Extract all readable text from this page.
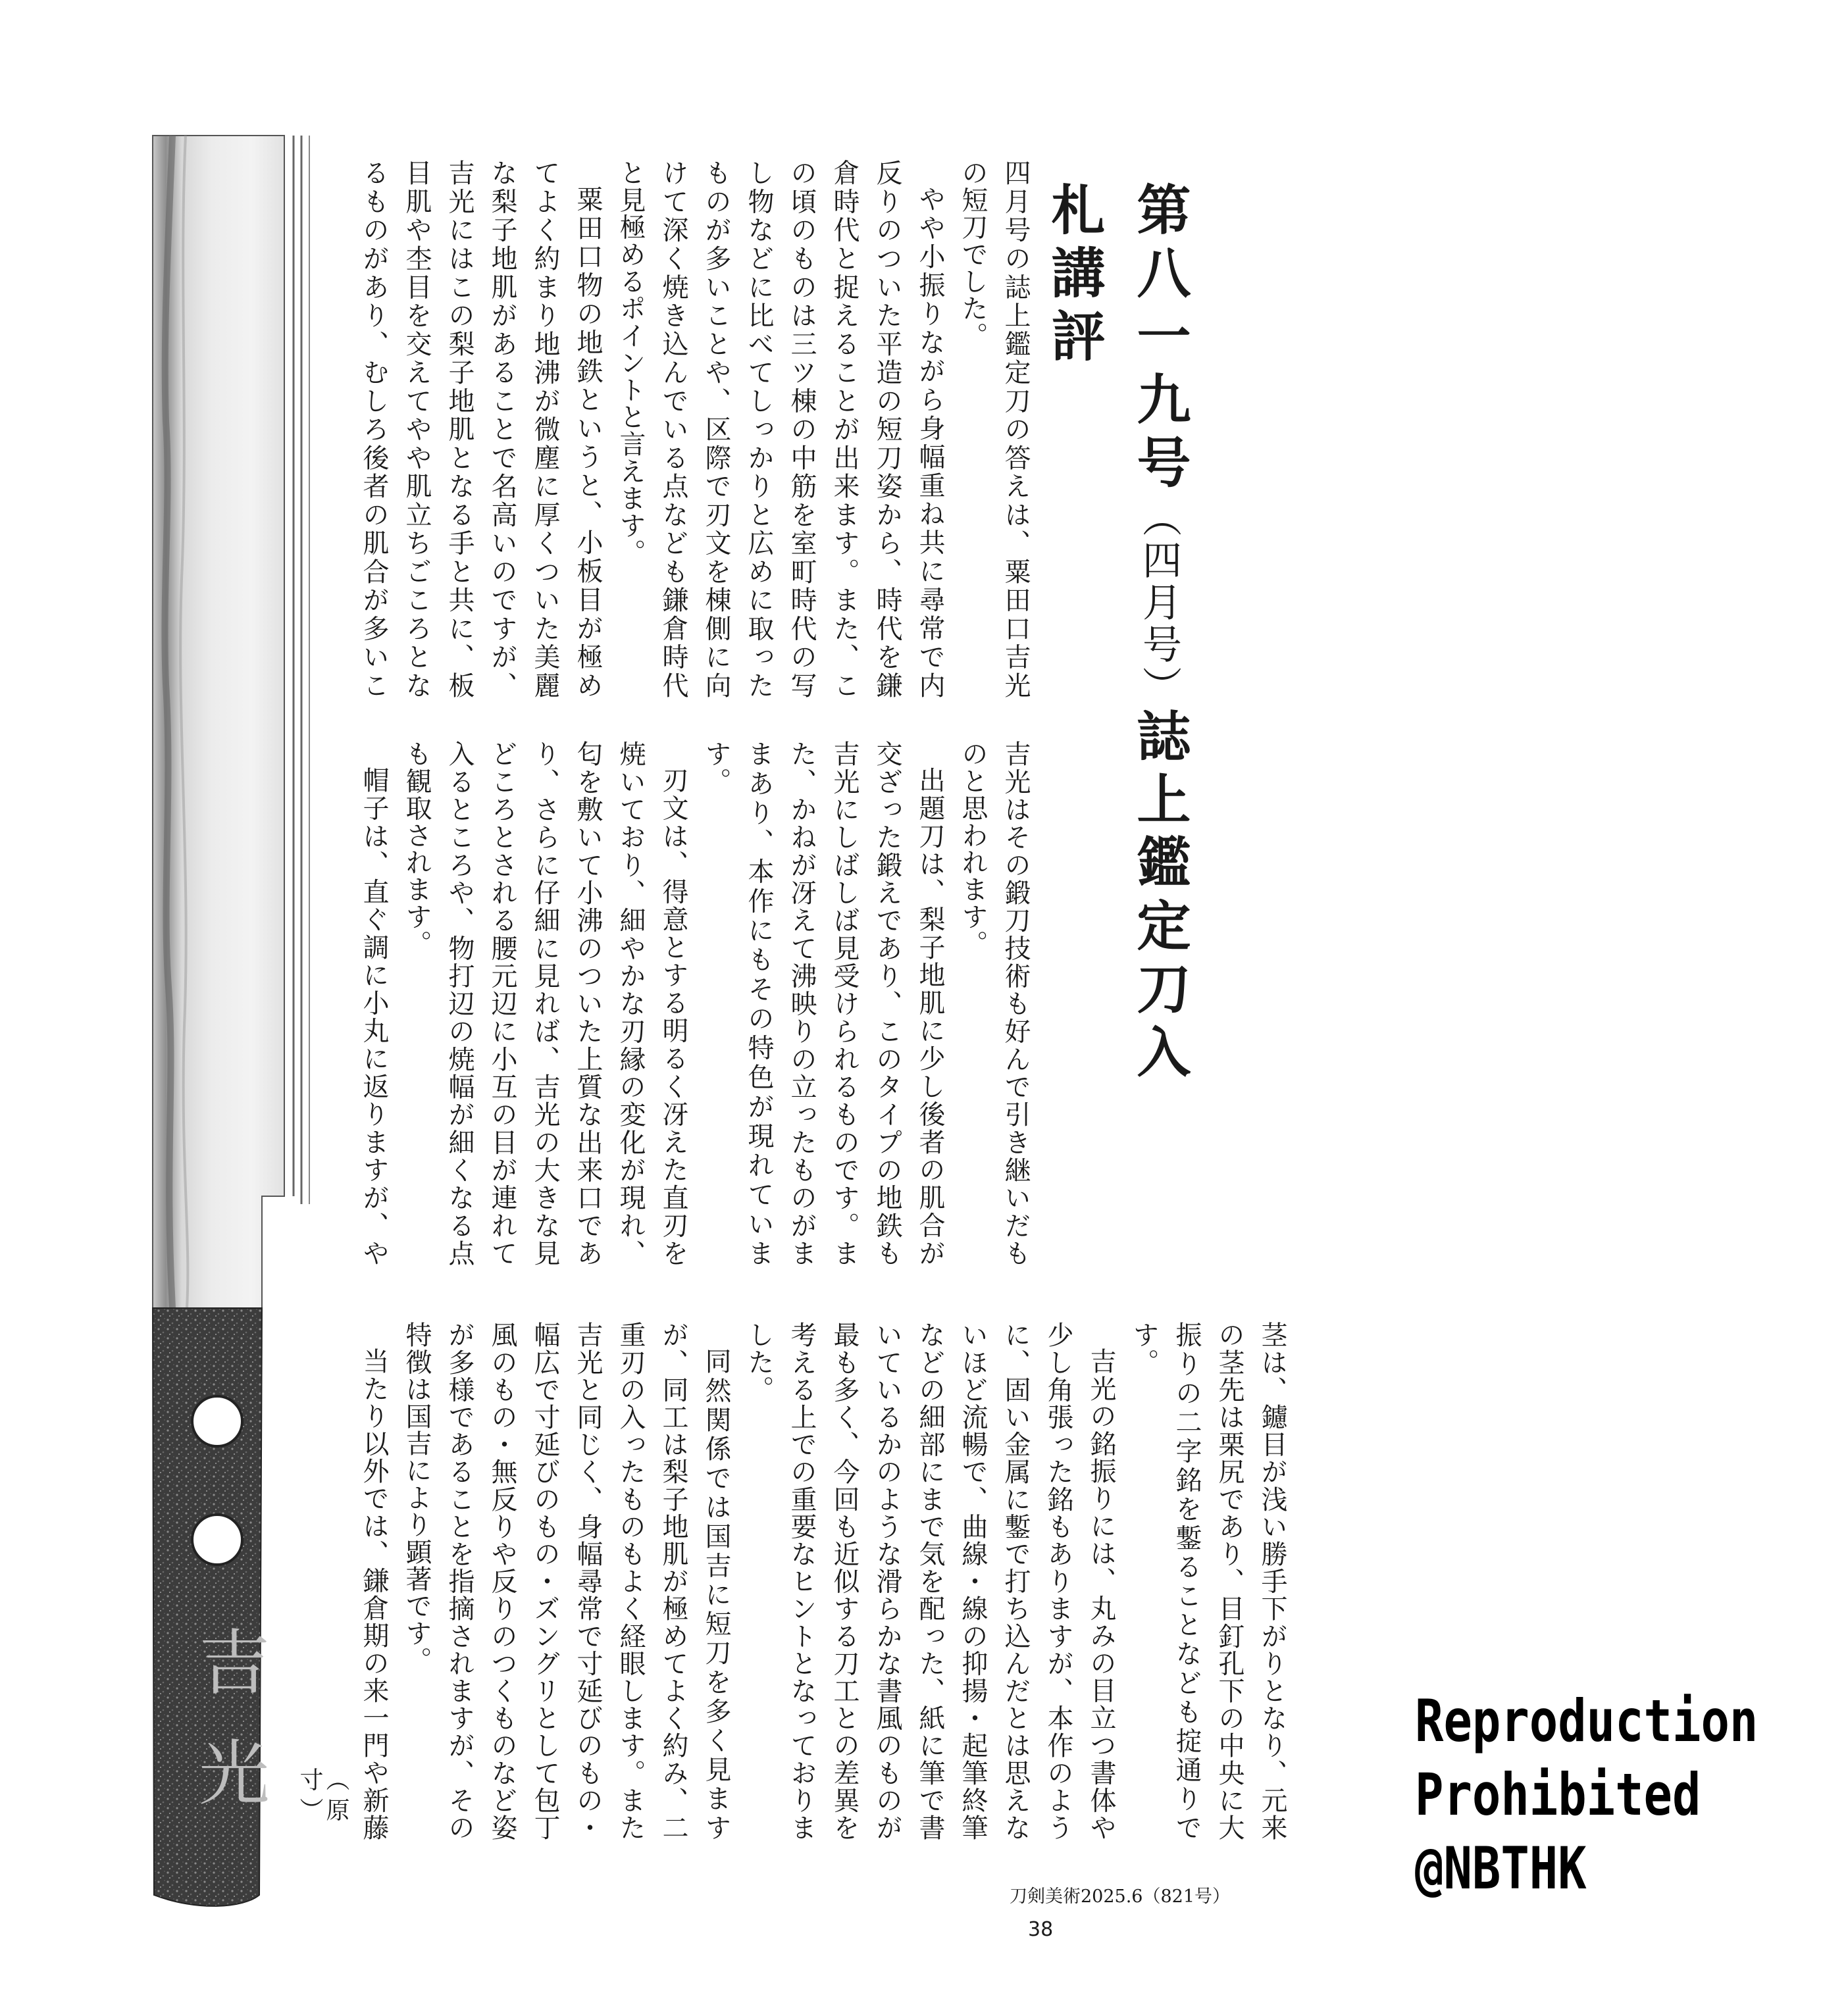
吉光
第八一九号（四月号）誌上鑑定刀入札講評

四月号の誌上鑑定刀の答えは、粟田口吉光の短刀でした。

やや小振りながら身幅重ね共に尋常で内反りのついた平造の短刀姿から、時代を鎌倉時代と捉えることが出来ます。また、この頃のものは三ツ棟の中筋を室町時代の写し物などに比べてしっかりと広めに取ったものが多いことや、区際で刃文を棟側に向けて深く焼き込んでいる点なども鎌倉時代と見極めるポイントと言えます。

粟田口物の地鉄というと、小板目が極めてよく約まり地沸が微塵に厚くついた美麗な梨子地肌があることで名高いのですが、吉光にはこの梨子地肌となる手と共に、板目肌や杢目を交えてやや肌立ちごころとなるものがあり、むしろ後者の肌合が多いこ

吉光はその鍛刀技術も好んで引き継いだものと思われます。

出題刀は、梨子地肌に少し後者の肌合が交ざった鍛えであり、このタイプの地鉄も吉光にしばしば見受けられるものです。また、かねが冴えて沸映りの立ったものがままあり、本作にもその特色が現れています。

刃文は、得意とする明るく冴えた直刃を焼いており、細やかな刃縁の変化が現れ、匂を敷いて小沸のついた上質な出来口であり、さらに仔細に見れば、吉光の大きな見どころとされる腰元辺に小互の目が連れて入るところや、物打辺の焼幅が細くなる点も観取されます。

帽子は、直ぐ調に小丸に返りますが、や

茎は、鑢目が浅い勝手下がりとなり、元来の茎先は栗尻であり、目釘孔下の中央に大振りの二字銘を鏨ることなども掟通りです。

吉光の銘振りには、丸みの目立つ書体や少し角張った銘もありますが、本作のように、固い金属に鏨で打ち込んだとは思えないほど流暢で、曲線・線の抑揚・起筆終筆などの細部にまで気を配った、紙に筆で書いているかのような滑らかな書風のものが最も多く、今回も近似する刀工との差異を考える上での重要なヒントとなっておりました。

同然関係では国吉に短刀を多く見ますが、同工は梨子地肌が極めてよく約み、二重刃の入ったものもよく経眼します。また吉光と同じく、身幅尋常で寸延びのもの・幅広で寸延びのもの・ズングリとして包丁風のもの・無反りや反りのつくものなど姿が多様であることを指摘されますが、その特徴は国吉により顕著です。

当たり以外では、鎌倉期の来一門や新藤

（原寸）
刀剣美術2025.6（821号）38
Reproduction
Prohibited
@NBTHK
